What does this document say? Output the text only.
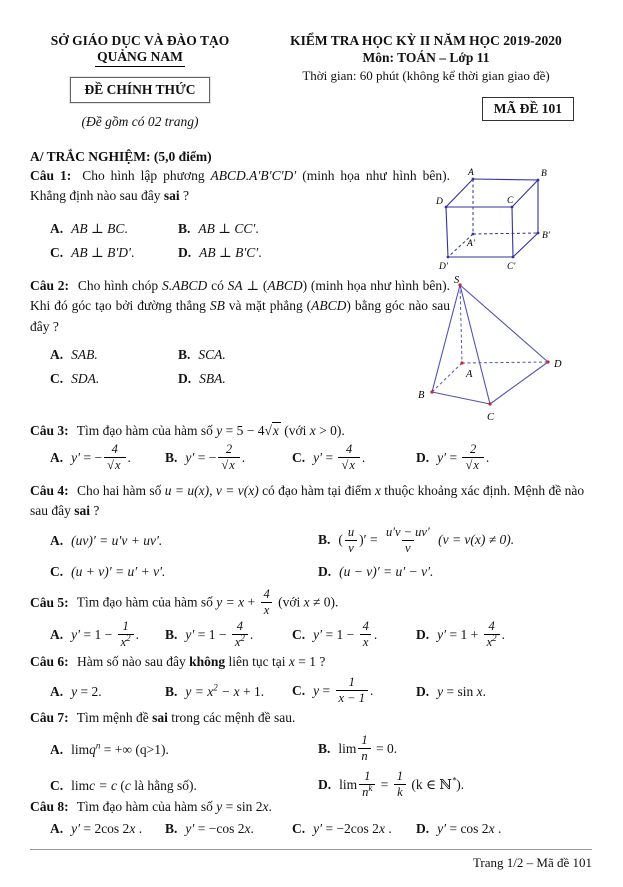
SỞ GIÁO DỤC VÀ ĐÀO TẠO
QUẢNG NAM
ĐỀ CHÍNH THỨC
(Đề gồm có 02 trang)
KIỂM TRA HỌC KỲ II NĂM HỌC 2019-2020
Môn: TOÁN – Lớp 11
Thời gian: 60 phút (không kể thời gian giao đề)
MÃ ĐỀ 101
A/ TRẮC NGHIỆM: (5,0 điểm)
Câu 1: Cho hình lập phương ABCD.A′B′C′D′ (minh họa như hình bên). Khẳng định nào sau đây sai ?
A. AB ⊥ BC.	B. AB ⊥ CC′.
C. AB ⊥ B′D′.	D. AB ⊥ B′C′.
Câu 2: Cho hình chóp S.ABCD có SA ⊥ (ABCD) (minh họa như hình bên). Khi đó góc tạo bởi đường thẳng SB và mặt phẳng (ABCD) bằng góc nào sau đây ?
A. SAB.	B. SCA.
C. SDA.	D. SBA.
Câu 3: Tìm đạo hàm của hàm số y = 5 − 4√x (với x > 0).
A. y′ = − $\frac{4}{√x}$ .	B. y′ = − $\frac{2}{√x}$ .	C. $y' = \frac{4}{√x}$ .	D. $y' = \frac{2}{√x}$ .
Câu 4: Cho hai hàm số u = u(x), v = v(x) có đạo hàm tại điểm x thuộc khoảng xác định. Mệnh đề nào sau đây sai ?
A. (uv)′ = u′v + uv′.	B. ( $\frac{u}{v}$ )′ = $\frac{u'v - uv'}{v} (v = v(x) \ne 0)$.
C. (u + v)′ = u′ + v′.	D. (u − v)′ = u′ − v′.
Câu 5: Tìm đạo hàm của hàm số $y = x + \frac{4}{x}$ (với x ≠ 0).
A. $y' = 1 - \frac{1}{x^2}$ .	B. $y' = 1 - \frac{4}{x^2}$ .	C. $y' = 1 - \frac{4}{x}$ .	D. $y' = 1 + \frac{4}{x^2}$ .
Câu 6: Hàm số nào sau đây không liên tục tại x = 1 ?
A. y = 2.	B. $y = x^2 - x + 1$.	C. $y = \frac{1}{x - 1}$ .	D. y = sin x.
Câu 7: Tìm mệnh đề sai trong các mệnh đề sau.
A. limq$^n$ = +∞ (q>1).	B. $\lim \frac{1}{n} = 0$.
C. limc = c (c là hằng số).	D. $\lim \frac{1}{n^k} = \frac{1}{k} (k$ ∈ ℕ*).
Câu 8: Tìm đạo hàm của hàm số y = sin 2x.
A. y′ = 2cos 2x .	B. y′ = −cos 2x.	C. y′ = −2cos 2x .	D. y′ = cos 2x .
A	B
C
D
A′
B′
C′
D′
S
A
B
C
D
Trang 1/2 – Mã đề 101
